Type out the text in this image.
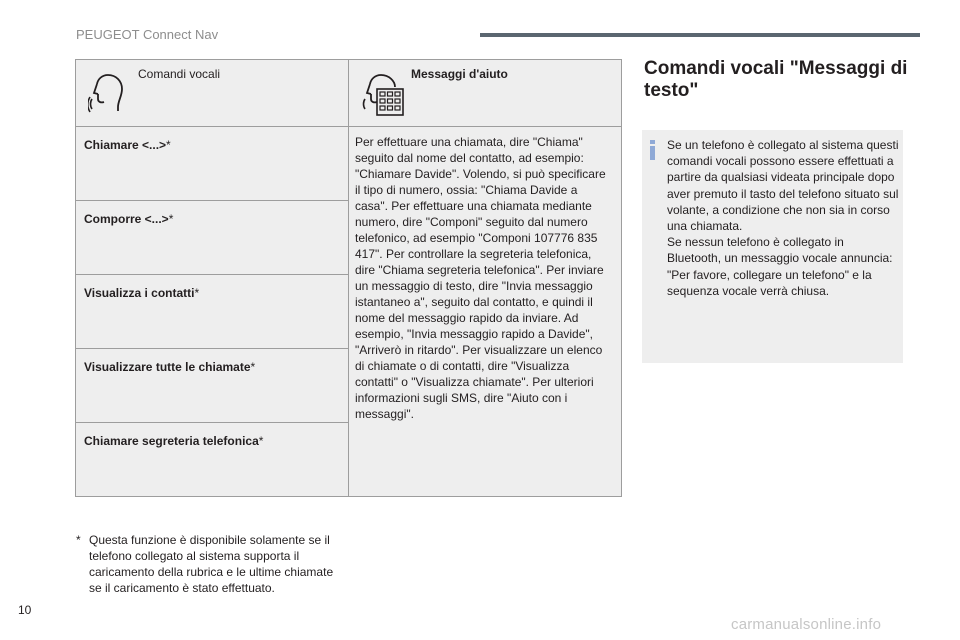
PEUGEOT Connect Nav
Comandi vocali	Messaggi d'aiuto

Chiamare <...>*	Per effettuare una chiamata, dire "Chiama" seguito dal nome del contatto, ad esempio: "Chiamare Davide". Volendo, si può specificare il tipo di numero, ossia: "Chiama Davide a casa". Per effettuare una chiamata mediante numero, dire "Componi" seguito dal numero telefonico, ad esempio "Componi 107776 835 417". Per controllare la segreteria telefonica, dire "Chiama segreteria telefonica". Per inviare un messaggio di testo, dire "Invia messaggio istantaneo a", seguito dal contatto, e quindi il nome del messaggio rapido da inviare. Ad esempio, "Invia messaggio rapido a Davide", "Arriverò in ritardo". Per visualizzare un elenco di chiamate o di contatti, dire "Visualizza contatti" o "Visualizza chiamate". Per ulteriori informazioni sugli SMS, dire "Aiuto con i messaggi".
Comporre <...>*	
Visualizza i contatti*	
Visualizzare tutte le chiamate*	
Chiamare segreteria telefonica*	
* Questa funzione è disponibile solamente se il telefono collegato al sistema supporta il caricamento della rubrica e le ultime chiamate se il caricamento è stato effettuato.
Comandi vocali "Messaggi di testo"
Se un telefono è collegato al sistema questi comandi vocali possono essere effettuati a partire da qualsiasi videata principale dopo aver premuto il tasto del telefono situato sul volante, a condizione che non sia in corso una chiamata.
Se nessun telefono è collegato in Bluetooth, un messaggio vocale annuncia: "Per favore, collegare un telefono" e la sequenza vocale verrà chiusa.
10
carmanualsonline.info
